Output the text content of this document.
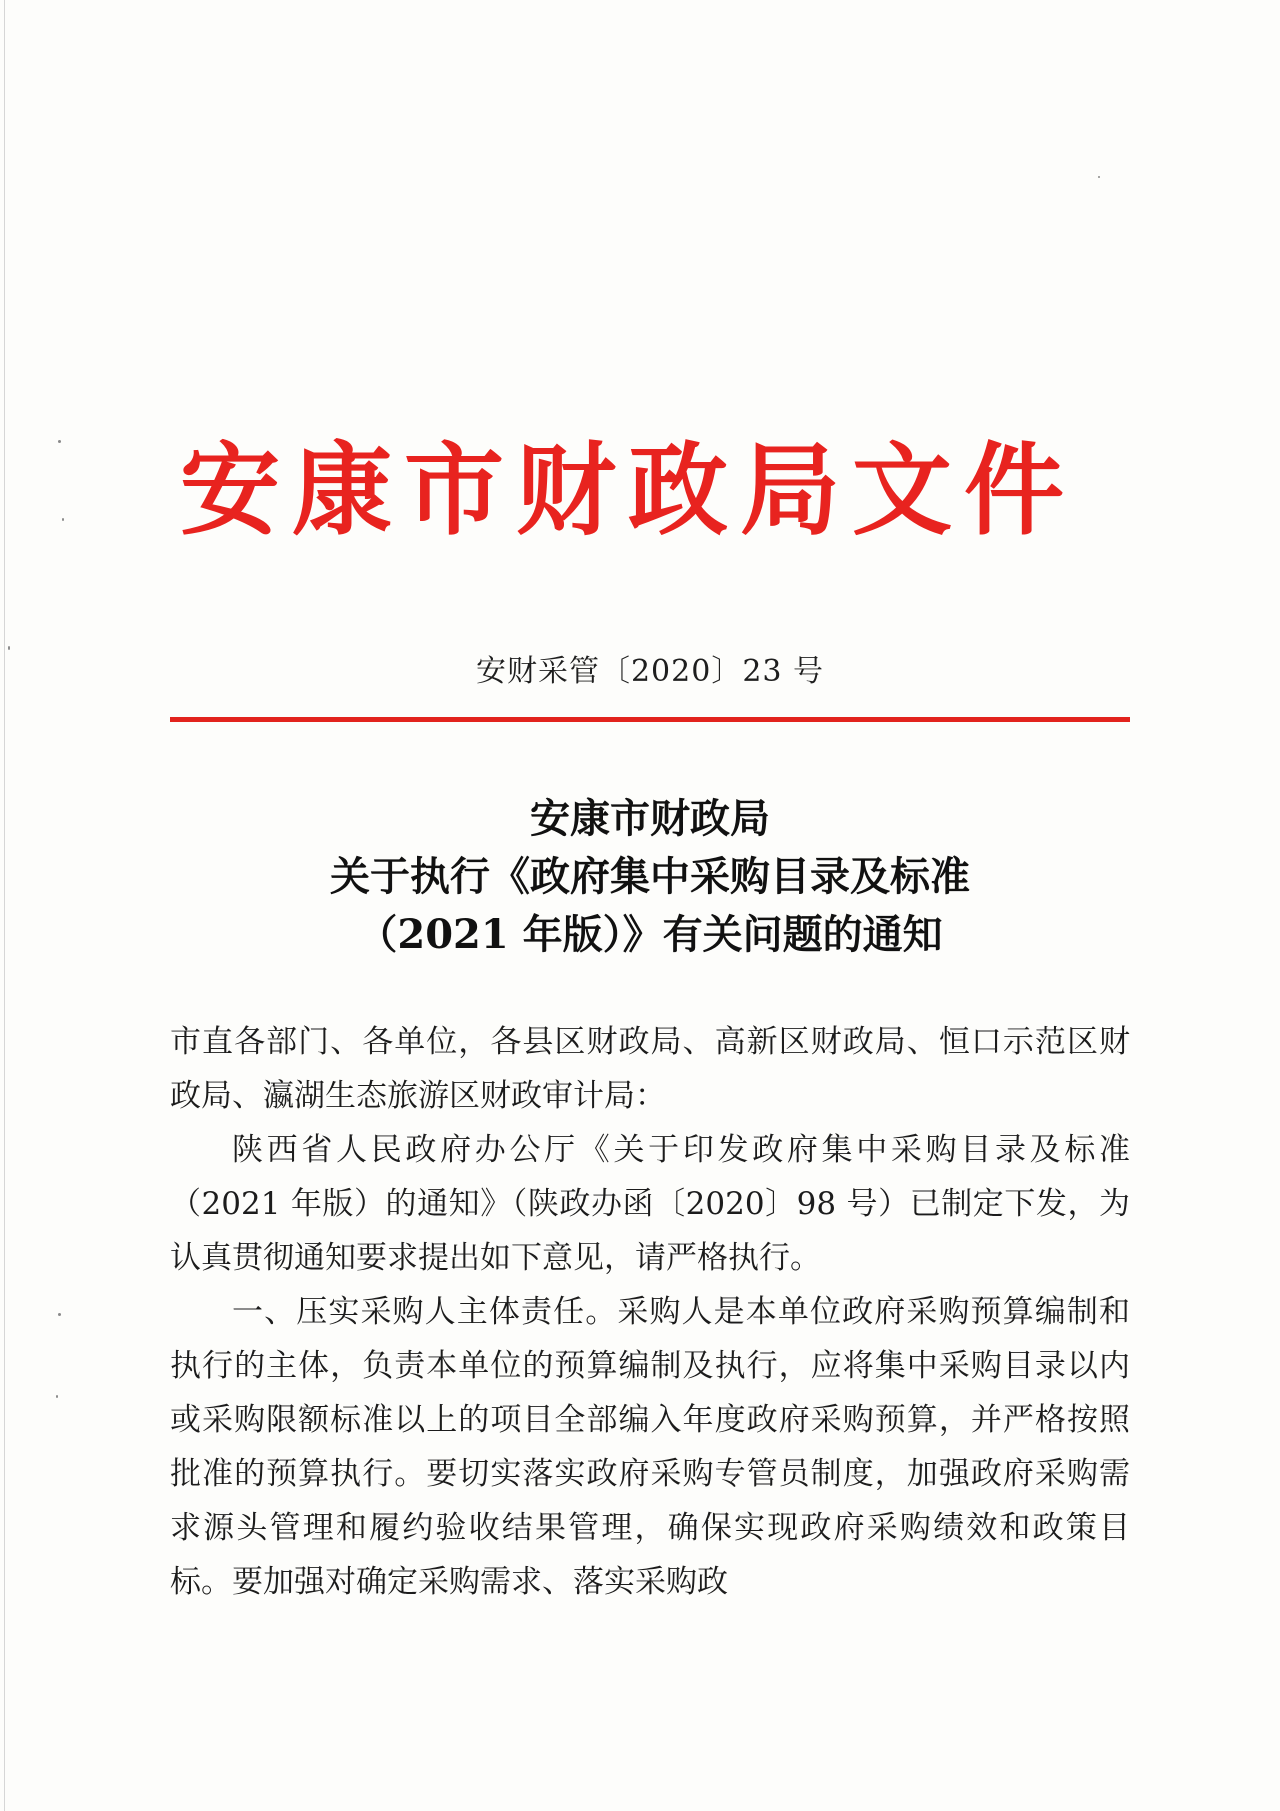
安康市财政局文件
安财采管〔2020〕23 号
安康市财政局
关于执行《政府集中采购目录及标准
（2021 年版）》有关问题的通知

市直各部门、各单位，各县区财政局、高新区财政局、恒口示范区财政局、瀛湖生态旅游区财政审计局：

陕西省人民政府办公厅《关于印发政府集中采购目录及标准（2021 年版）的通知》（陕政办函〔2020〕98 号）已制定下发，为认真贯彻通知要求提出如下意见，请严格执行。

一、压实采购人主体责任。采购人是本单位政府采购预算编制和执行的主体，负责本单位的预算编制及执行，应将集中采购目录以内或采购限额标准以上的项目全部编入年度政府采购预算，并严格按照批准的预算执行。要切实落实政府采购专管员制度，加强政府采购需求源头管理和履约验收结果管理，确保实现政府采购绩效和政策目标。要加强对确定采购需求、落实采购政
